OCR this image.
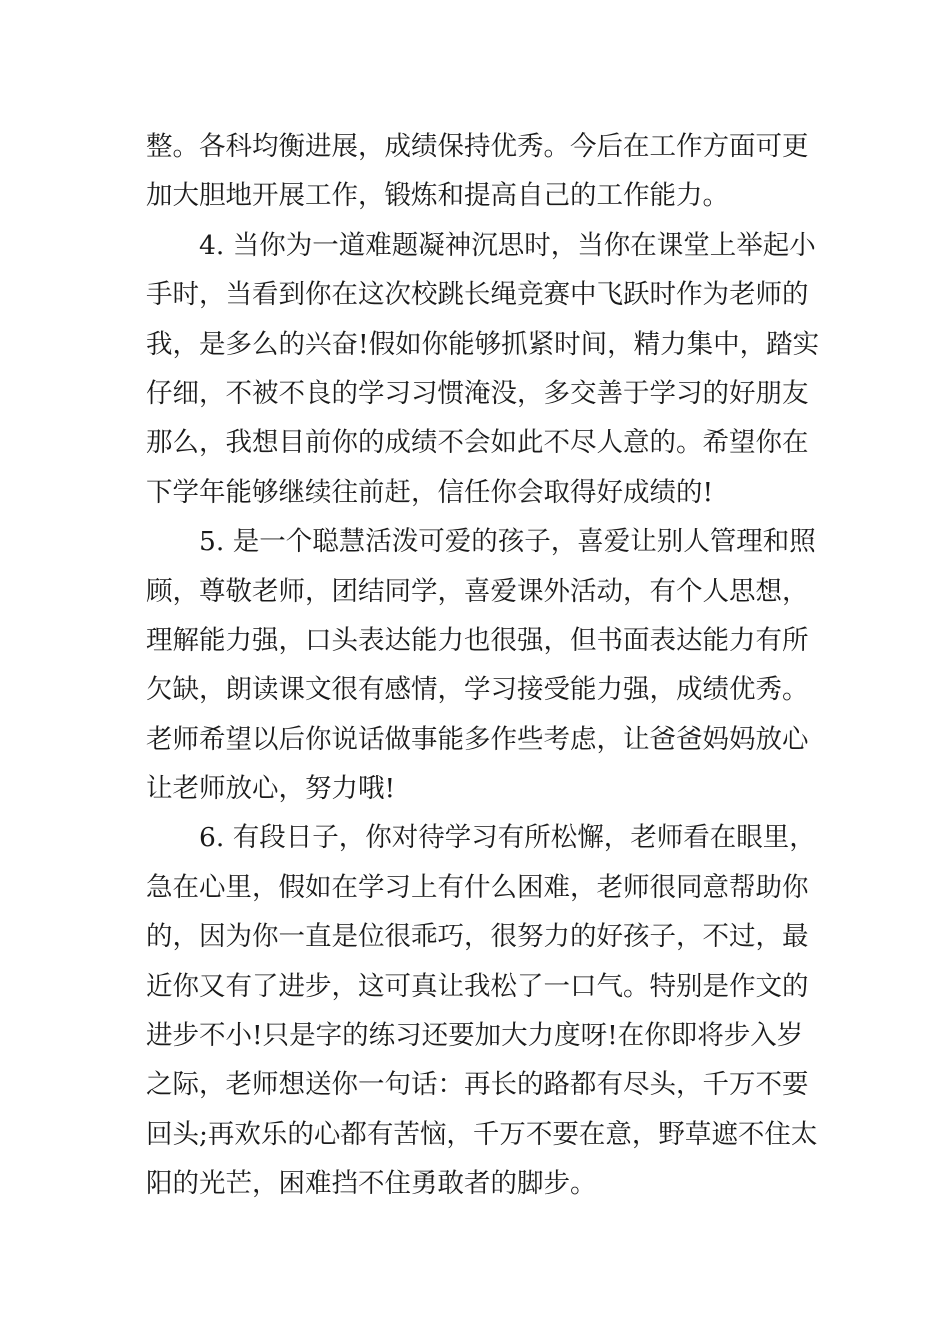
整。各科均衡进展，成绩保持优秀。今后在工作方面可更
加大胆地开展工作，锻炼和提高自己的工作能力。
4. 当你为一道难题凝神沉思时，当你在课堂上举起小
手时，当看到你在这次校跳长绳竞赛中飞跃时作为老师的
我，是多么的兴奋!假如你能够抓紧时间，精力集中，踏实
仔细，不被不良的学习习惯淹没，多交善于学习的好朋友
那么，我想目前你的成绩不会如此不尽人意的。希望你在
下学年能够继续往前赶，信任你会取得好成绩的!
5. 是一个聪慧活泼可爱的孩子，喜爱让别人管理和照
顾，尊敬老师，团结同学，喜爱课外活动，有个人思想，
理解能力强，口头表达能力也很强，但书面表达能力有所
欠缺，朗读课文很有感情，学习接受能力强，成绩优秀。
老师希望以后你说话做事能多作些考虑，让爸爸妈妈放心
让老师放心，努力哦!
6. 有段日子，你对待学习有所松懈，老师看在眼里，
急在心里，假如在学习上有什么困难，老师很同意帮助你
的，因为你一直是位很乖巧，很努力的好孩子，不过，最
近你又有了进步，这可真让我松了一口气。特别是作文的
进步不小!只是字的练习还要加大力度呀!在你即将步入岁
之际，老师想送你一句话：再长的路都有尽头，千万不要
回头;再欢乐的心都有苦恼，千万不要在意，野草遮不住太
阳的光芒，困难挡不住勇敢者的脚步。
